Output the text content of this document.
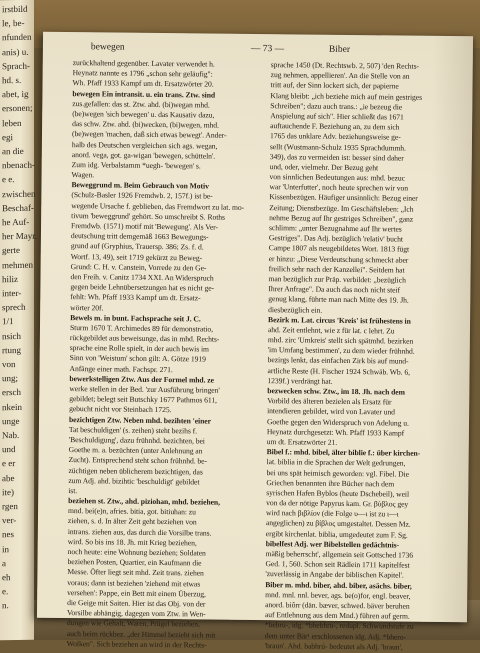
irstbild
le, be-
nfunden
anis) u.
Sprach-
hd. s.
abet, ig
ersonen;
leben
egi
an die
nbenach-
e e.
zwischen
Beschaf-
he Auf-
her Mayr.
gerte
mehmen
hiliz
inter-
sprech
1/1
nsich
rtung
von
ung;
ersch
nkein
unge
Nab.
und
e er
abe
ite)
rgen
ver-
nes
in
a
eh
e.
n.
bewegen	— 73 —	Biber
zurückhaltend gegenüber. Lavater verwendet h.
Heynatz nannte es 1796 „schon sehr geläufig":
Wh. Pfaff 1933 Kampf um dt. Ersatzwörter 20.
bewegen Ein intransit. u. ein trans. Ztw. sind
zus.gefallen: das st. Ztw. ahd. (bi)wegan mhd.
(be)wegen 'sich bewegen' u. das Kausativ dazu,
das schw. Ztw. ahd. (bi)wecken, (bi)wegen, mhd.
(be)wegen 'machen, daß sich etwas bewegt'. Ander-
halb des Deutschen vergleichen sich ags. wegan,
anord. vega, got. ga-wigan 'bewegen, schütteln'.
Zum idg. Verbalstamm *uegh- 'bewegen' s.
Wagen.
Beweggrund m. Beim Gebrauch von Motiv
(Schulz-Basler 1926 Fremdwb. 2, 157f.) ist be-
wegende Ursache f. geblieben, das Fremdwort zu lat. mo-
tivum 'beweggrund' gehört. So umschreibt S. Roths
Fremdwb. (1571) motif mit 'Bewegung'. Als Ver-
deutschung tritt demgemäß 1663 Bewegungs-
grund auf (Gryphius, Trauersp. 386; Zs. f. d.
Wortf. 13, 49), seit 1719 gekürzt zu Beweg-
Grund: C. H. v. Canstein, Vorrede zu den Ge-
den Freih. v. Canitz 1734 XXI. An Widerspruch
gegen beide Lehnübersetzungen hat es nicht ge-
fehlt: Wh. Pfaff 1933 Kampf um dt. Ersatz-
wörter 20f.
Bewels m. in bunt. Fachsprache seit J. C.
Sturm 1670 T. Archimedes 89 für demonstratio,
rückgebildet aus beweisunge, das in mhd. Rechts-
sprache eine Rolle spielt, in der auch bewis im
Sinn von 'Weistum' schon gilt: A. Götze 1919
Anfänge einer math. Fachspr. 271.
bewerkstelligen Ztw. Aus der Formel mhd. ze
werke stellen in der Bed. 'zur Ausführung bringen'
gebildet; belegt seit Butschky 1677 Pathmos 611,
gebucht nicht vor Steinbach 1725.
bezichtigen Ztw. Neben mhd. bezihten 'einer
Tat beschuldigen' (s. zeihen) steht bezihs f.
'Beschuldigung', dazu frühnhd. bezichten, bei
Goethe m. a. bezüchten (unter Anlehnung an
Zucht). Entsprechend steht schon frühnhd. be-
züchtigen neben üblicherem bezichtigen, das
zum Adj. ahd. bizihtic 'beschuldigt' gebildet
ist.
beziehen st. Ztw., ahd. piziohan, mhd. beziehen,
mnd. bei(e)n, afries. bitia, got. bitiuhan: zu
ziehen, s. d. In älter Zeit geht beziehen von
intrans. ziehen aus, das durch die Vorsilbe trans.
wird. So bis ins 18. Jh. mit Krieg beziehen,
noch heute: eine Wohnung beziehen; Soldaten
beziehen Posten, Quartier, ein Kaufmann die
Messe. Öfter liegt seit mhd. Zeit trans. ziehen
voraus; dann ist beziehen 'ziehend mit etwas
versehen': Pappe, ein Bett mit einem Überzug,
die Geige mit Saiten. Hier ist das Obj. von der
Vorsilbe abhängig, dagegen vom Ztw. in Wen-
dungen wie Gehalt, Waren, Prügel beziehen,
auch beim rückbez. „der Himmel bezieht sich mit
Wolken". Sich beziehen an wird in der Rechts-
sprache 1450 (Dt. Rechtswb. 2, 507) 'den Rechts-
zug nehmen, appellieren'. An die Stelle von an
tritt auf, der Sinn lockert sich, der papierne
Klang bleibt: „ich beziehe mich auf mein gestriges
Schreiben"; dazu auch trans.: „ie bezeug die
Anspielung auf sich". Hier schließt das 1671
auftauchende F. Beziehung an, zu dem sich
1765 das unklare Adv. beziehungsweise ge-
sellt (Wustmann-Schulz 1935 Sprachdummh.
349), das zu vermeiden ist: besser sind daher
und, oder, vielmehr. Der Bezug geht
von sinnlichen Bedeutungen aus: mhd. bezuc
war 'Unterfutter', noch heute sprechen wir von
Kissenbezügen. Häufiger unsinnlich: Bezug einer
Zeitung; Dienstbezüge. Im Geschäftsleben: „Ich
nehme Bezug auf Ihr gestriges Schreiben", ganz
schlimm: „unter Bezugnahme auf Ihr wertes
Gestriges". Das Adj. bezüglich 'relativ' bucht
Campe 1807 als neugebildetes Wort. 1813 fügt
er hinzu: „Diese Verdeutschung schmeckt aber
freilich sehr nach der Kanzellei". Seitdem hat
man bezüglich zur Präp. verbildet: „bezüglich
Ihrer Anfrage". Da auch das noch nicht steif
genug klang, führte man nach Mitte des 19. Jh.
diesbezüglich ein.
Bezirk m. Lat. circus 'Kreis' ist frühestens in
ahd. Zeit entlehnt, wie z für lat. c lehrt. Zu
mhd. zirc 'Umkreis' stellt sich spätmhd. bezirken
'im Umfang bestimmen', zu dem wieder frühnhd.
bezirgs lenkt, das einfachen Zirk bis auf mund-
artliche Reste (H. Fischer 1924 Schwäb. Wb. 6,
1239f.) verdrängt hat.
bezwecken schw. Ztw., im 18. Jh. nach dem
Vorbild des älteren bezielen als Ersatz für
intendieren gebildet, wird von Lavater und
Goethe gegen den Widerspruch von Adelung u.
Heynatz durchgesetzt: Wh. Pfaff 1933 Kampf
um dt. Ersatzwörter 21.
Bibel f.: mhd. bibel, älter biblie f.: über kirchen-
lat. biblia in die Sprachen der Welt gedrungen,
bei uns spät heimisch geworden: vgl. Fibel. Die
Griechen benannten ihre Bücher nach dem
syrischen Hafen Byblos (heute Dschebeil), weil
von da der nötige Papyrus kam. Gr. βύβλος gey
wird nach βιβλίον (die Folge υ—ι ist zu ι—ι
angeglichen) zu βίβλος umgestaltet. Dessen Mz.
ergibt kirchenlat. biblia, umgedeutet zum F. Sg.
bibelfest Adj. wer Bibelstellen gedächtnis-
mäßig beherrscht', allgemein seit Gottsched 1736
Ged. 1, 560. Schon seit Rädlein 1711 kapitelfest
'zuverlässig in Angabe der biblischen Kapitel'.
Biber m. mhd. biber, ahd. biber, asächs. biber,
mnd. mnl. nnl. bever, ags. be(o)for, engl. beaver,
anord. biôrr (dän. bæver, schwed. bäver beruhen
auf Entlehnung aus dem Mnd.) führen auf germ.
*bebru-, idg. *bhebhru-, redupl. Schwundstufe zu
dem unter Bär¹ erschlossenen idg. Adj. *bhero-
'braun'. Ahd. babhrú- bedeutet als Adj. 'braun',
